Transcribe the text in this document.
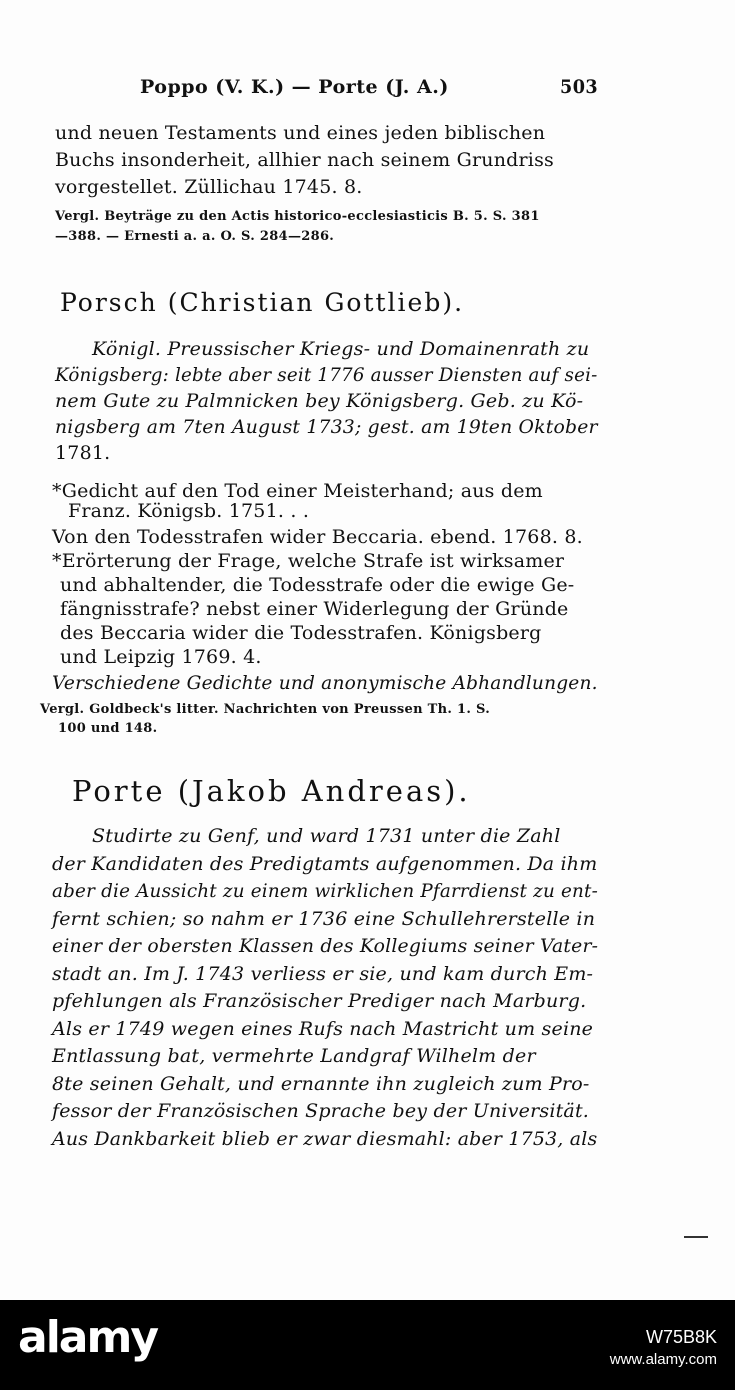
Poppo (V. K.) — Porte (J. A.)	503
und neuen Testaments und eines jeden biblischen
Buchs insonderheit, allhier nach seinem Grundriss
vorgestellet. Züllichau 1745. 8.
Vergl. Beyträge zu den Actis historico-ecclesiasticis B. 5. S. 381
—388. — Ernesti a. a. O. S. 284—286.
Porsch (Christian Gottlieb).
Königl. Preussischer Kriegs- und Domainenrath zu
Königsberg: lebte aber seit 1776 ausser Diensten auf sei-
nem Gute zu Palmnicken bey Königsberg. Geb. zu Kö-
nigsberg am 7ten August 1733; gest. am 19ten Oktober
1781.
*Gedicht auf den Tod einer Meisterhand; aus dem
Franz. Königsb. 1751. . .
Von den Todesstrafen wider Beccaria. ebend. 1768. 8.
*Erörterung der Frage, welche Strafe ist wirksamer
und abhaltender, die Todesstrafe oder die ewige Ge-
fängnisstrafe? nebst einer Widerlegung der Gründe
des Beccaria wider die Todesstrafen. Königsberg
und Leipzig 1769. 4.
Verschiedene Gedichte und anonymische Abhandlungen.
Vergl. Goldbeck's litter. Nachrichten von Preussen Th. 1. S.
100 und 148.
Porte (Jakob Andreas).
Studirte zu Genf, und ward 1731 unter die Zahl
der Kandidaten des Predigtamts aufgenommen. Da ihm
aber die Aussicht zu einem wirklichen Pfarrdienst zu ent-
fernt schien; so nahm er 1736 eine Schullehrerstelle in
einer der obersten Klassen des Kollegiums seiner Vater-
stadt an. Im J. 1743 verliess er sie, und kam durch Em-
pfehlungen als Französischer Prediger nach Marburg.
Als er 1749 wegen eines Rufs nach Mastricht um seine
Entlassung bat, vermehrte Landgraf Wilhelm der
8te seinen Gehalt, und ernannte ihn zugleich zum Pro-
fessor der Französischen Sprache bey der Universität.
Aus Dankbarkeit blieb er zwar diesmahl: aber 1753, als
alamy	W75B8K
www.alamy.com
